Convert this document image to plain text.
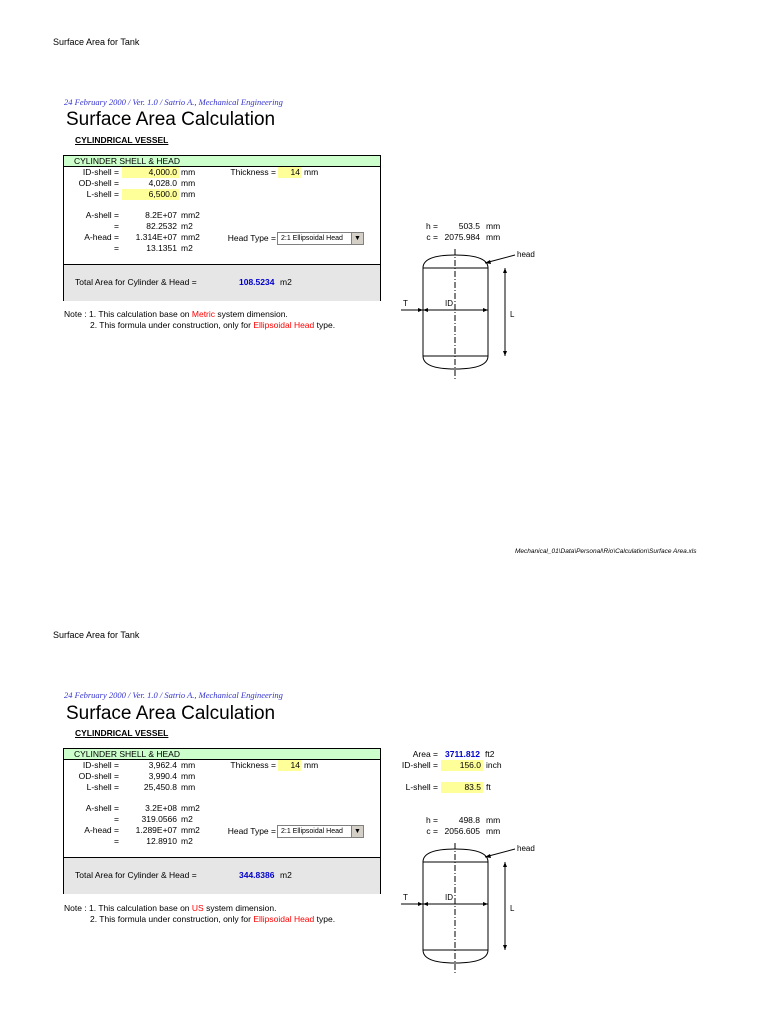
Surface Area for Tank
24 February 2000 / Ver. 1.0 / Satrio A., Mechanical Engineering
Surface Area Calculation
CYLINDRICAL VESSEL
CYLINDER SHELL & HEAD
ID-shell =	4,000.0 mm
OD-shell =	4,028.0 mm
L-shell =	6,500.0 mm
Thickness =	14 mm
A-shell =	8.2E+07 mm2
=	82.2532 m2
A-head =	1.314E+07 mm2
=	13.1351 m2
Head Type = 2:1 Ellipsoidal Head	▼
Total Area for Cylinder & Head =	108.5234 m2
Note : 1. This calculation base on Metric system dimension.
2. This formula under construction, only for Ellipsoidal Head type.
h =	503.5 mm
c = 2075.984 mm
head
T	ID
L
Mechanical_01\Data\Personal\Rio\Calculation\Surface Area.xls
Surface Area for Tank
24 February 2000 / Ver. 1.0 / Satrio A., Mechanical Engineering
Surface Area Calculation
CYLINDRICAL VESSEL
CYLINDER SHELL & HEAD
ID-shell =	3,962.4 mm
OD-shell =	3,990.4 mm
L-shell =	25,450.8 mm
Thickness =	14 mm
A-shell =	3.2E+08 mm2
=	319.0566 m2
A-head =	1.289E+07 mm2
=	12.8910 m2
Head Type = 2:1 Ellipsoidal Head	▼
Total Area for Cylinder & Head =	344.8386 m2
Note : 1. This calculation base on US system dimension.
2. This formula under construction, only for Ellipsoidal Head type.
Area = 3711.812 ft2
ID-shell =	156.0 inch
L-shell =	83.5 ft
h =	498.8 mm
c = 2056.605 mm
head
T	ID
L
